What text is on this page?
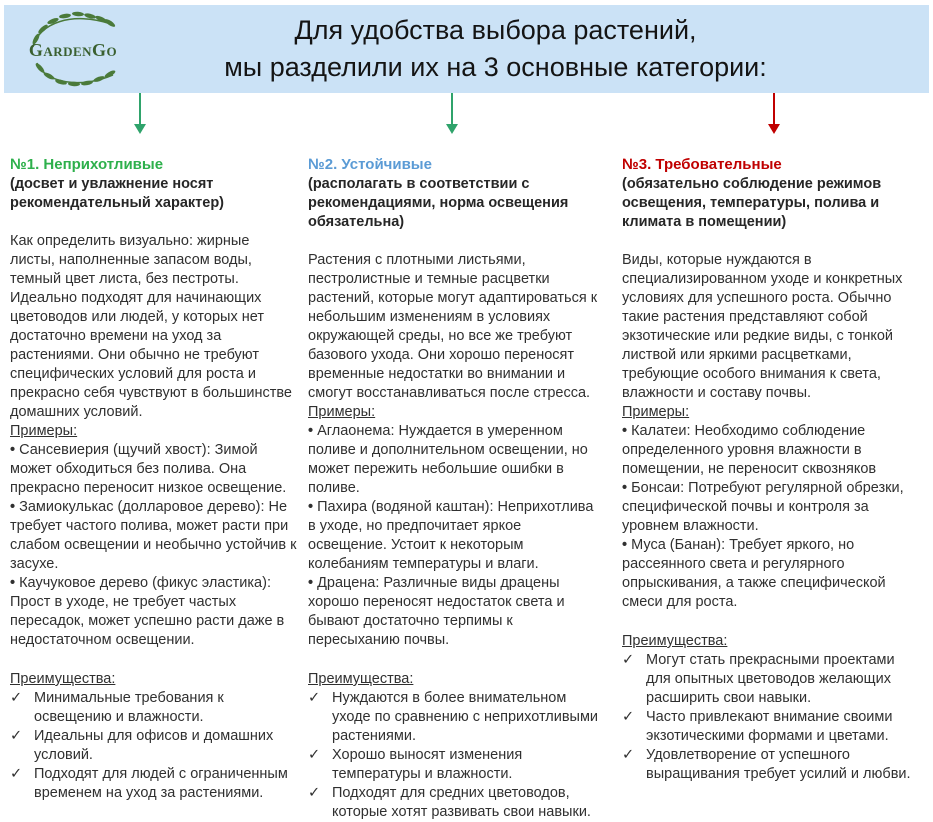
GardenGo
Для удобства выбора растений,
мы разделили их на 3 основные категории:
№1. Неприхотливые

(досвет и увлажнение носят рекомендательный характер)

Как определить визуально: жирные листы, наполненные запасом воды, темный цвет листа, без пестроты. Идеально подходят для начинающих цветоводов или людей, у которых нет достаточно времени на уход за растениями. Они обычно не требуют специфических условий для роста и прекрасно себя чувствуют в большинстве домашних условий.

Примеры:

• Сансевиерия (щучий хвост): Зимой может обходиться без полива. Она прекрасно переносит низкое освещение.

• Замиокулькас (долларовое дерево): Не требует частого полива, может расти при слабом освещении и необычно устойчив к засухе.

• Каучуковое дерево (фикус эластика): Прост в уходе, не требует частых пересадок, может успешно расти даже в недостаточном освещении.

Преимущества:

✓ Минимальные требования к освещению и влажности.
✓ Идеальны для офисов и домашних условий.
✓ Подходят для людей с ограниченным временем на уход за растениями.
№2. Устойчивые

(располагать в соответствии с рекомендациями, норма освещения обязательна)

Растения с плотными листьями, пестролистные и темные расцветки растений, которые могут адаптироваться к небольшим изменениям в условиях окружающей среды, но все же требуют базового ухода. Они хорошо переносят временные недостатки во внимании и смогут восстанавливаться после стресса.

Примеры:

• Аглаонема: Нуждается в умеренном поливе и дополнительном освещении, но может пережить небольшие ошибки в поливе.

• Пахира (водяной каштан): Неприхотлива в уходе, но предпочитает яркое освещение. Устоит к некоторым колебаниям температуры и влаги.

• Драцена: Различные виды драцены хорошо переносят недостаток света и бывают достаточно терпимы к пересыханию почвы.

Преимущества:

✓ Нуждаются в более внимательном уходе по сравнению с неприхотливыми растениями.
✓ Хорошо выносят изменения температуры и влажности.
✓ Подходят для средних цветоводов, которые хотят развивать свои навыки.
№3. Требовательные

(обязательно соблюдение режимов освещения, температуры, полива и климата в помещении)

Виды, которые нуждаются в специализированном уходе и конкретных условиях для успешного роста. Обычно такие растения представляют собой экзотические или редкие виды, с тонкой листвой или яркими расцветками, требующие особого внимания к света, влажности и составу почвы.

Примеры:

• Калатеи: Необходимо соблюдение определенного уровня влажности в помещении, не переносит сквозняков

• Бонсаи: Потребуют регулярной обрезки, специфической почвы и контроля за уровнем влажности.

• Муса (Банан): Требует яркого, но рассеянного света и регулярного опрыскивания, а также специфической смеси для роста.

Преимущества:

✓ Могут стать прекрасными проектами для опытных цветоводов желающих расширить свои навыки.
✓ Часто привлекают внимание своими экзотическими формами и цветами.
✓ Удовлетворение от успешного выращивания требует усилий и любви.
